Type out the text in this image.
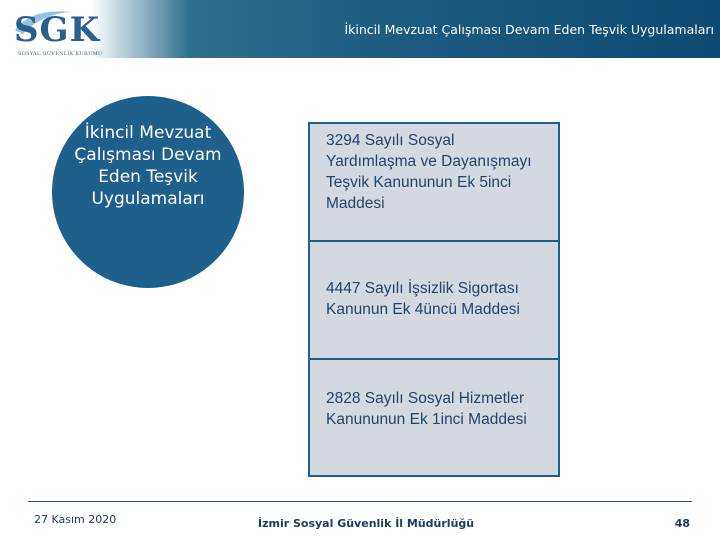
SGK
SOSYAL GÜVENLİK KURUMU
İkincil Mevzuat Çalışması Devam Eden Teşvik Uygulamaları
İkincil Mevzuat Çalışması Devam Eden Teşvik Uygulamaları
3294 Sayılı Sosyal Yardımlaşma ve Dayanışmayı Teşvik Kanununun Ek 5inci Maddesi
4447 Sayılı İşsizlik Sigortası Kanunun Ek 4üncü Maddesi
2828 Sayılı Sosyal Hizmetler Kanununun Ek 1inci Maddesi
27 Kasım 2020	İzmir Sosyal Güvenlik İl Müdürlüğü	48
